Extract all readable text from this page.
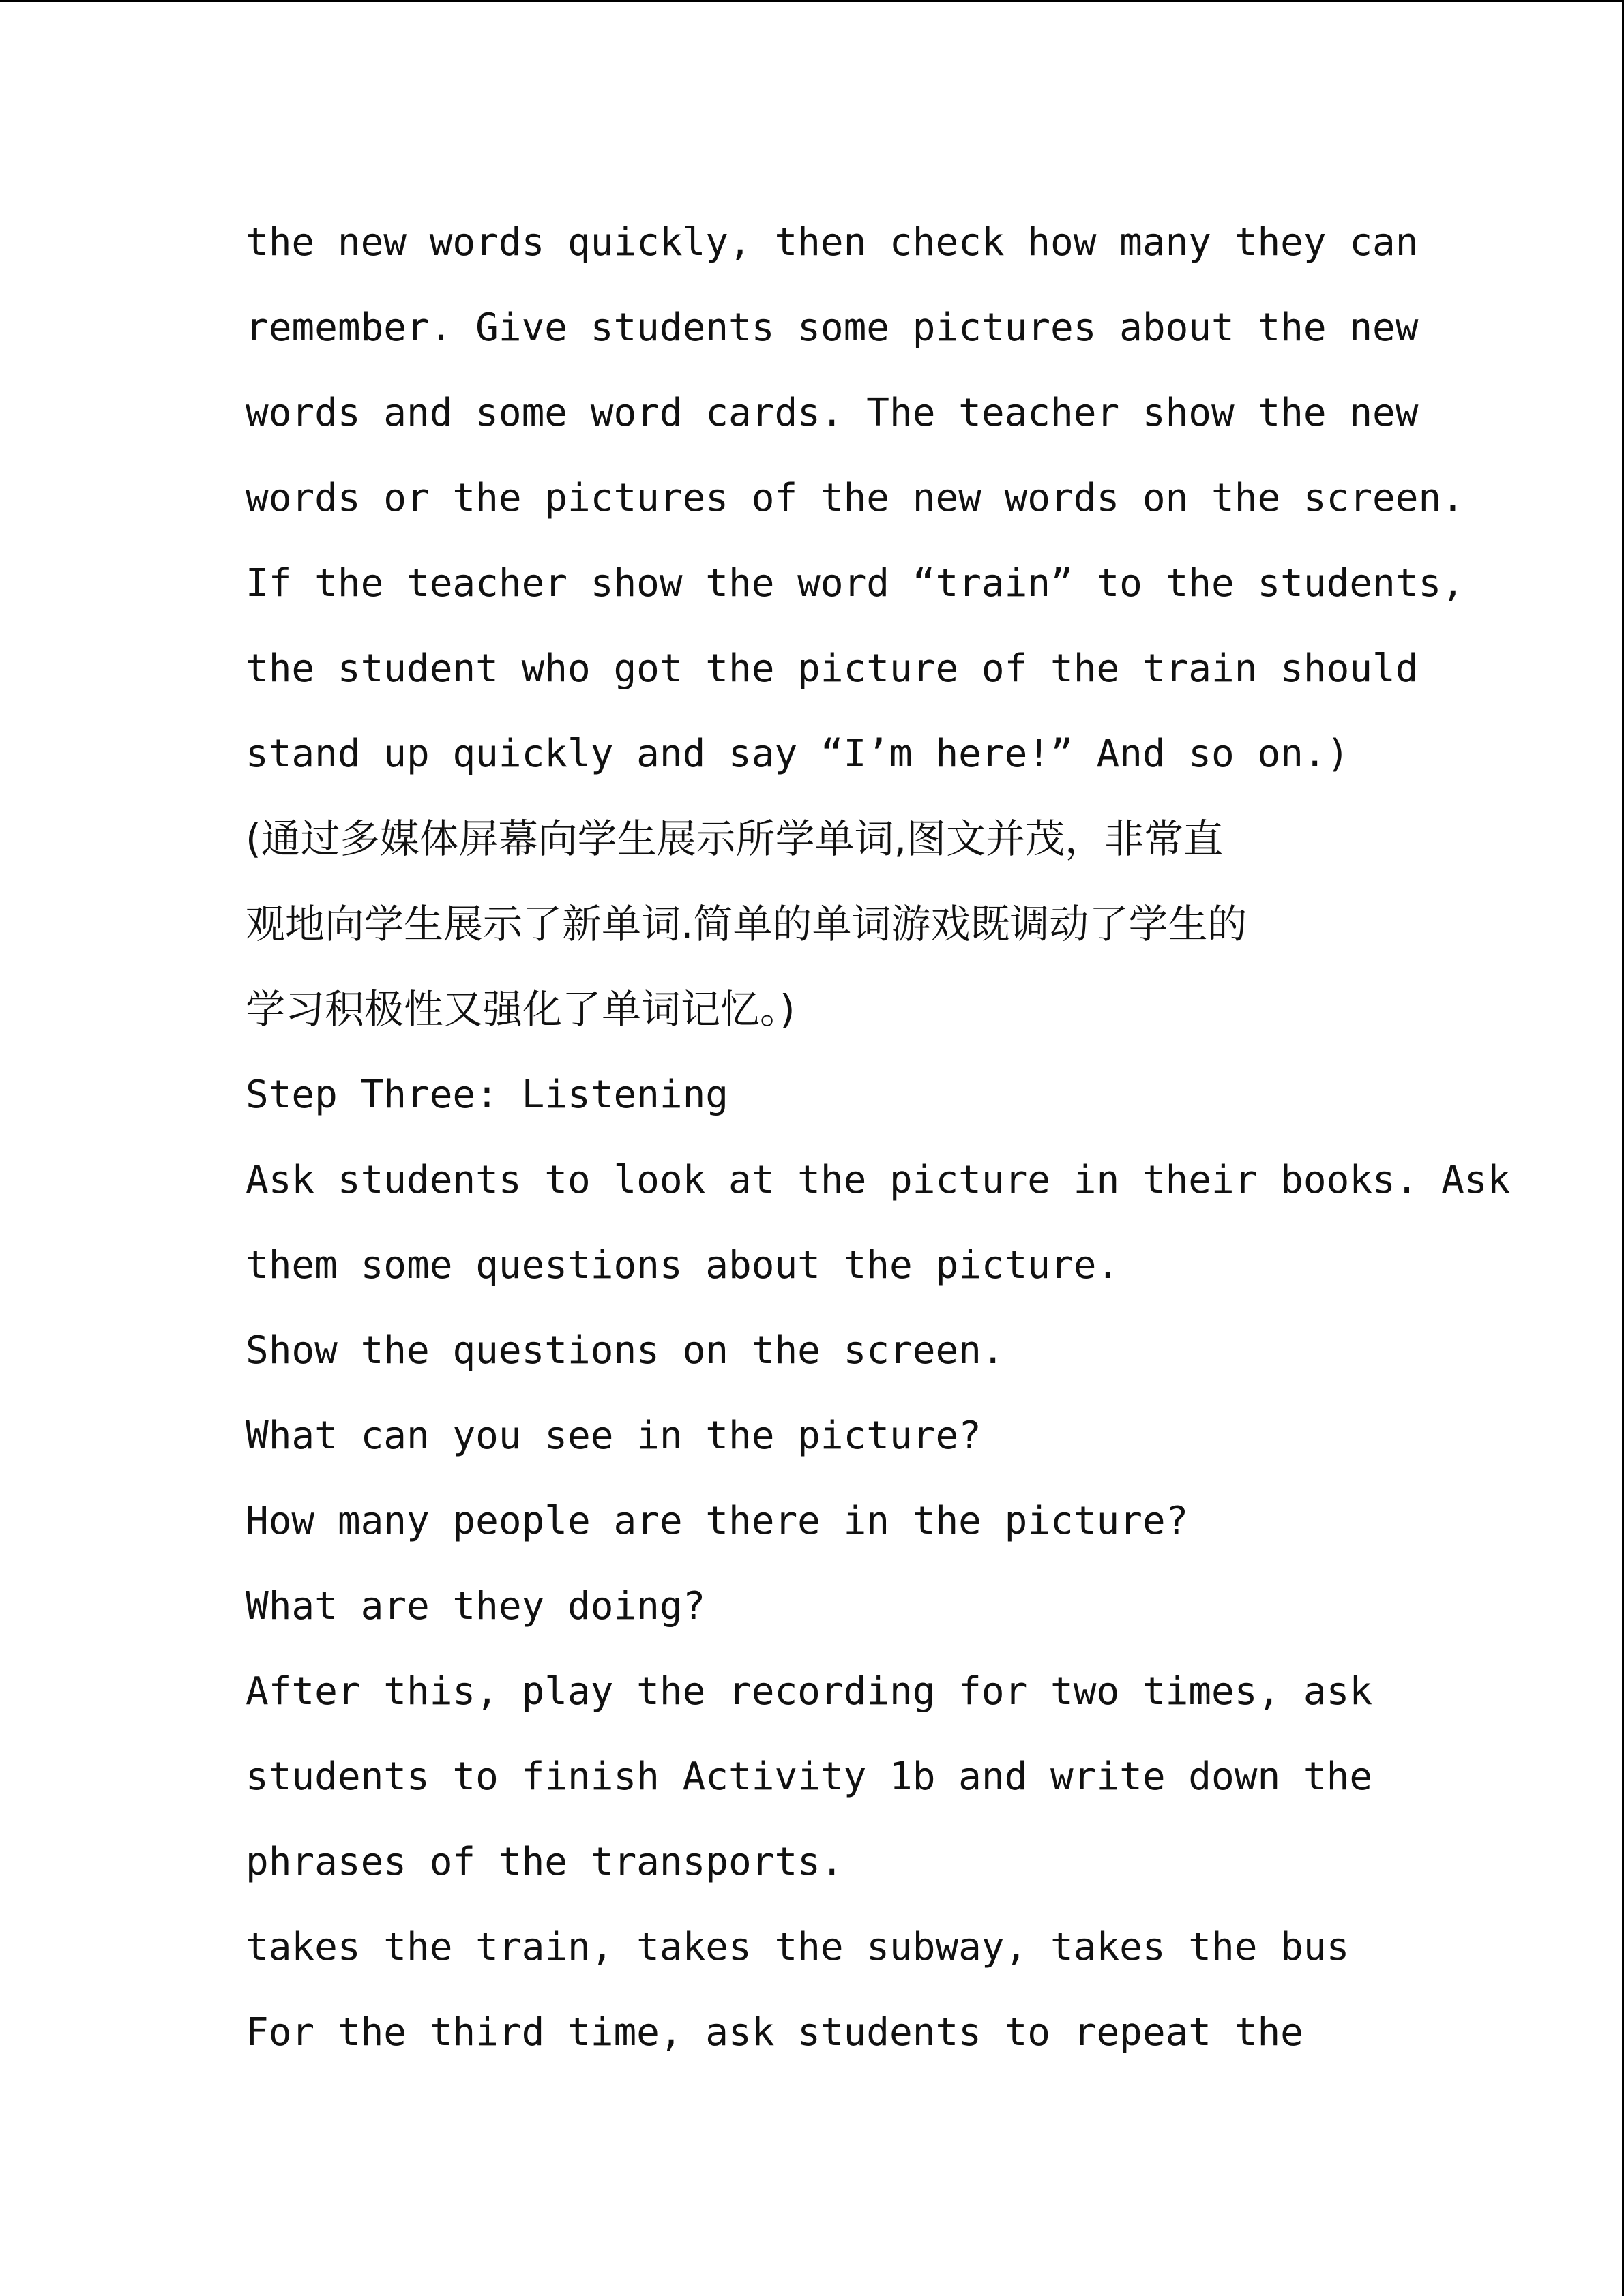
the new words quickly, then check how many they can
remember. Give students some pictures about the new
words and some word cards. The teacher show the new
words or the pictures of the new words on the screen.
If the teacher show the word “train” to the students,
the student who got the picture of the train should
stand up quickly and say “I’m here!” And so on.)
(通过多媒体屏幕向学生展示所学单词,图文并茂，非常直
观地向学生展示了新单词.简单的单词游戏既调动了学生的
学习积极性又强化了单词记忆。)
Step Three: Listening
Ask students to look at the picture in their books. Ask
them some questions about the picture.
Show the questions on the screen.
What can you see in the picture?
How many people are there in the picture?
What are they doing?
After this, play the recording for two times, ask
students to finish Activity 1b and write down the
phrases of the transports.
takes the train, takes the subway, takes the bus
For the third time, ask students to repeat the
